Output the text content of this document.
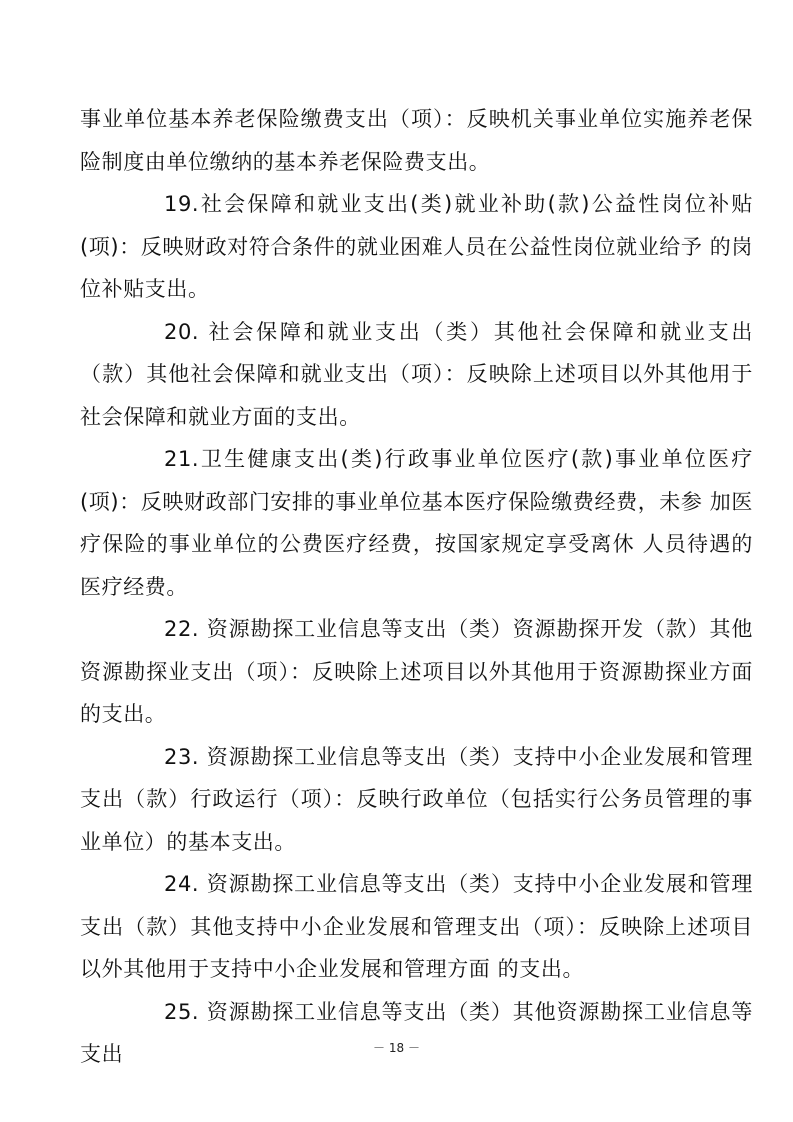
事业单位基本养老保险缴费支出（项）：反映机关事业单位实施养老保险制度由单位缴纳的基本养老保险费支出。

19.社会保障和就业支出(类)就业补助(款)公益性岗位补贴(项)：反映财政对符合条件的就业困难人员在公益性岗位就业给予 的岗位补贴支出。

20. 社会保障和就业支出（类）其他社会保障和就业支出（款）其他社会保障和就业支出（项）：反映除上述项目以外其他用于社会保障和就业方面的支出。

21.卫生健康支出(类)行政事业单位医疗(款)事业单位医疗(项)：反映财政部门安排的事业单位基本医疗保险缴费经费，未参 加医疗保险的事业单位的公费医疗经费，按国家规定享受离休 人员待遇的医疗经费。

22. 资源勘探工业信息等支出（类）资源勘探开发（款）其他资源勘探业支出（项）：反映除上述项目以外其他用于资源勘探业方面的支出。

23. 资源勘探工业信息等支出（类）支持中小企业发展和管理支出（款）行政运行（项）：反映行政单位（包括实行公务员管理的事业单位）的基本支出。

24. 资源勘探工业信息等支出（类）支持中小企业发展和管理支出（款）其他支持中小企业发展和管理支出（项）：反映除上述项目以外其他用于支持中小企业发展和管理方面 的支出。

25. 资源勘探工业信息等支出（类）其他资源勘探工业信息等支出	－ 18 －
